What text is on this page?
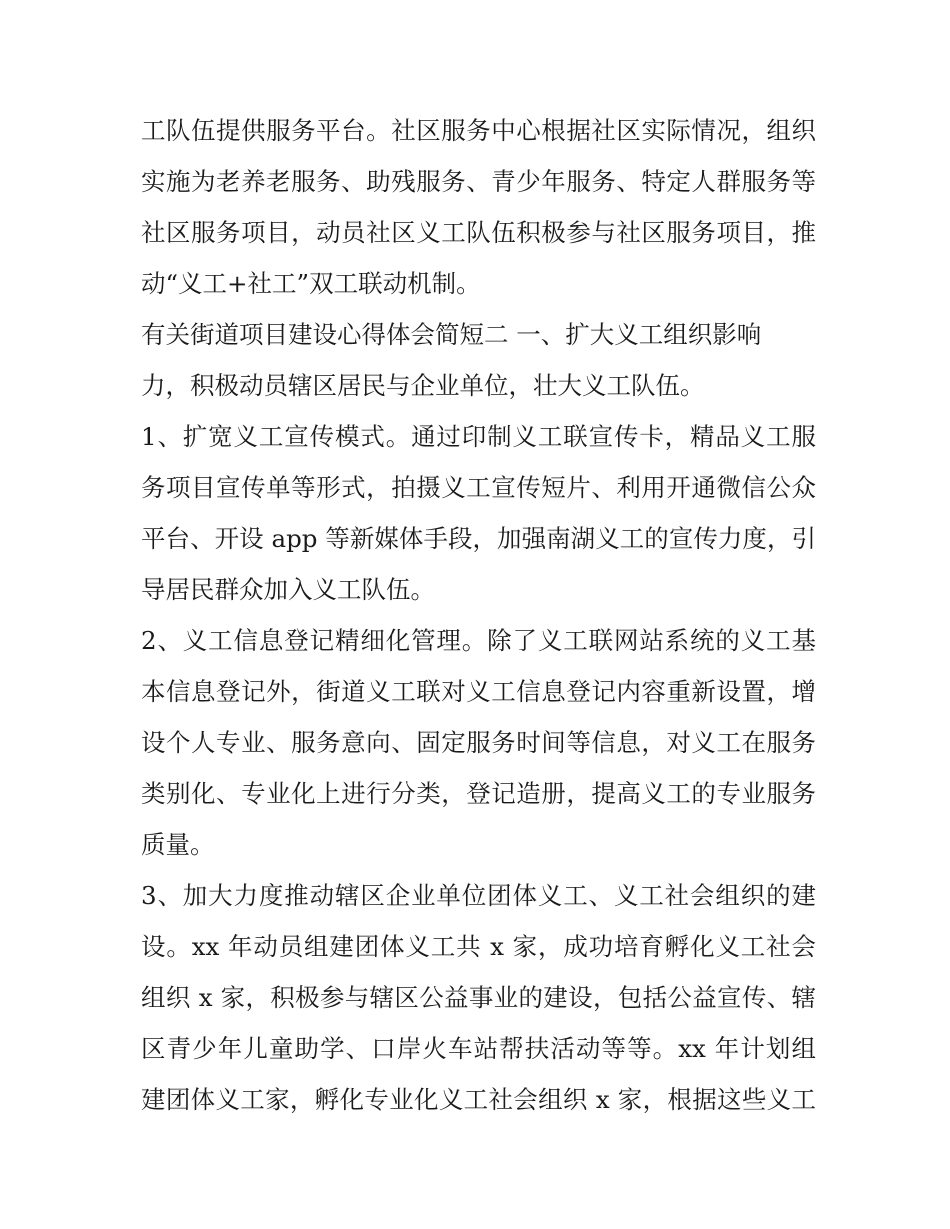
工队伍提供服务平台。社区服务中心根据社区实际情况，组织
实施为老养老服务、助残服务、青少年服务、特定人群服务等
社区服务项目，动员社区义工队伍积极参与社区服务项目，推
动“义工+社工”双工联动机制。
有关街道项目建设心得体会简短二 一、扩大义工组织影响
力，积极动员辖区居民与企业单位，壮大义工队伍。
1、扩宽义工宣传模式。通过印制义工联宣传卡，精品义工服
务项目宣传单等形式，拍摄义工宣传短片、利用开通微信公众
平台、开设 app 等新媒体手段，加强南湖义工的宣传力度，引
导居民群众加入义工队伍。
2、义工信息登记精细化管理。除了义工联网站系统的义工基
本信息登记外，街道义工联对义工信息登记内容重新设置，增
设个人专业、服务意向、固定服务时间等信息，对义工在服务
类别化、专业化上进行分类，登记造册，提高义工的专业服务
质量。
3、加大力度推动辖区企业单位团体义工、义工社会组织的建
设。xx 年动员组建团体义工共 x 家，成功培育孵化义工社会
组织 x 家，积极参与辖区公益事业的建设，包括公益宣传、辖
区青少年儿童助学、口岸火车站帮扶活动等等。xx 年计划组
建团体义工家，孵化专业化义工社会组织 x 家，根据这些义工
